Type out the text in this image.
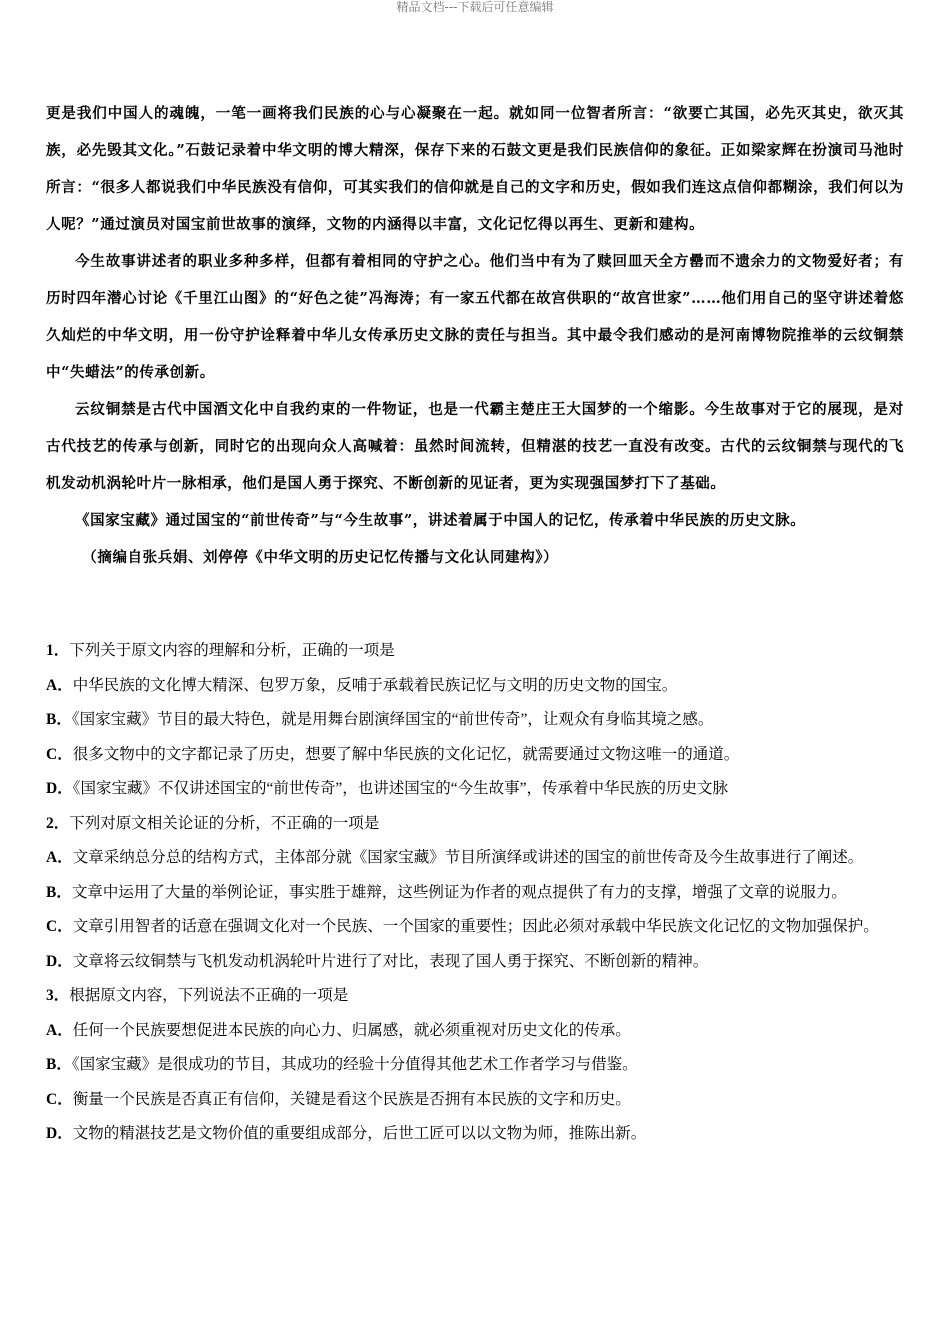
精品文档---下载后可任意编辑

更是我们中国人的魂魄，一笔一画将我们民族的心与心凝聚在一起。就如同一位智者所言：“欲要亡其国，必先灭其史，欲灭其族，必先毁其文化。”石鼓记录着中华文明的博大精深，保存下来的石鼓文更是我们民族信仰的象征。正如梁家辉在扮演司马池时所言：“很多人都说我们中华民族没有信仰，可其实我们的信仰就是自己的文字和历史，假如我们连这点信仰都糊涂，我们何以为人呢？”通过演员对国宝前世故事的演绎，文物的内涵得以丰富，文化记忆得以再生、更新和建构。

今生故事讲述者的职业多种多样，但都有着相同的守护之心。他们当中有为了赎回皿天全方罍而不遗余力的文物爱好者；有历时四年潜心讨论《千里江山图》的“好色之徒”冯海涛；有一家五代都在故宫供职的“故宫世家”……他们用自己的坚守讲述着悠久灿烂的中华文明，用一份守护诠释着中华儿女传承历史文脉的责任与担当。其中最令我们感动的是河南博物院推举的云纹铜禁中“失蜡法”的传承创新。

云纹铜禁是古代中国酒文化中自我约束的一件物证，也是一代霸主楚庄王大国梦的一个缩影。今生故事对于它的展现，是对古代技艺的传承与创新，同时它的出现向众人高喊着：虽然时间流转，但精湛的技艺一直没有改变。古代的云纹铜禁与现代的飞机发动机涡轮叶片一脉相承，他们是国人勇于探究、不断创新的见证者，更为实现强国梦打下了基础。

《国家宝藏》通过国宝的“前世传奇”与“今生故事”，讲述着属于中国人的记忆，传承着中华民族的历史文脉。

（摘编自张兵娟、刘停停《中华文明的历史记忆传播与文化认同建构》）

1．下列关于原文内容的理解和分析，正确的一项是

A．中华民族的文化博大精深、包罗万象，反哺于承载着民族记忆与文明的历史文物的国宝。

B．《国家宝藏》节目的最大特色，就是用舞台剧演绎国宝的“前世传奇”，让观众有身临其境之感。

C．很多文物中的文字都记录了历史，想要了解中华民族的文化记忆，就需要通过文物这唯一的通道。

D．《国家宝藏》不仅讲述国宝的“前世传奇”，也讲述国宝的“今生故事”，传承着中华民族的历史文脉

2．下列对原文相关论证的分析，不正确的一项是

A．文章采纳总分总的结构方式，主体部分就《国家宝藏》节目所演绎或讲述的国宝的前世传奇及今生故事进行了阐述。

B．文章中运用了大量的举例论证，事实胜于雄辩，这些例证为作者的观点提供了有力的支撑，增强了文章的说服力。

C．文章引用智者的话意在强调文化对一个民族、一个国家的重要性；因此必须对承载中华民族文化记忆的文物加强保护。

D．文章将云纹铜禁与飞机发动机涡轮叶片进行了对比，表现了国人勇于探究、不断创新的精神。

3．根据原文内容，下列说法不正确的一项是

A．任何一个民族要想促进本民族的向心力、归属感，就必须重视对历史文化的传承。

B．《国家宝藏》是很成功的节目，其成功的经验十分值得其他艺术工作者学习与借鉴。

C．衡量一个民族是否真正有信仰，关键是看这个民族是否拥有本民族的文字和历史。

D．文物的精湛技艺是文物价值的重要组成部分，后世工匠可以以文物为师，推陈出新。
